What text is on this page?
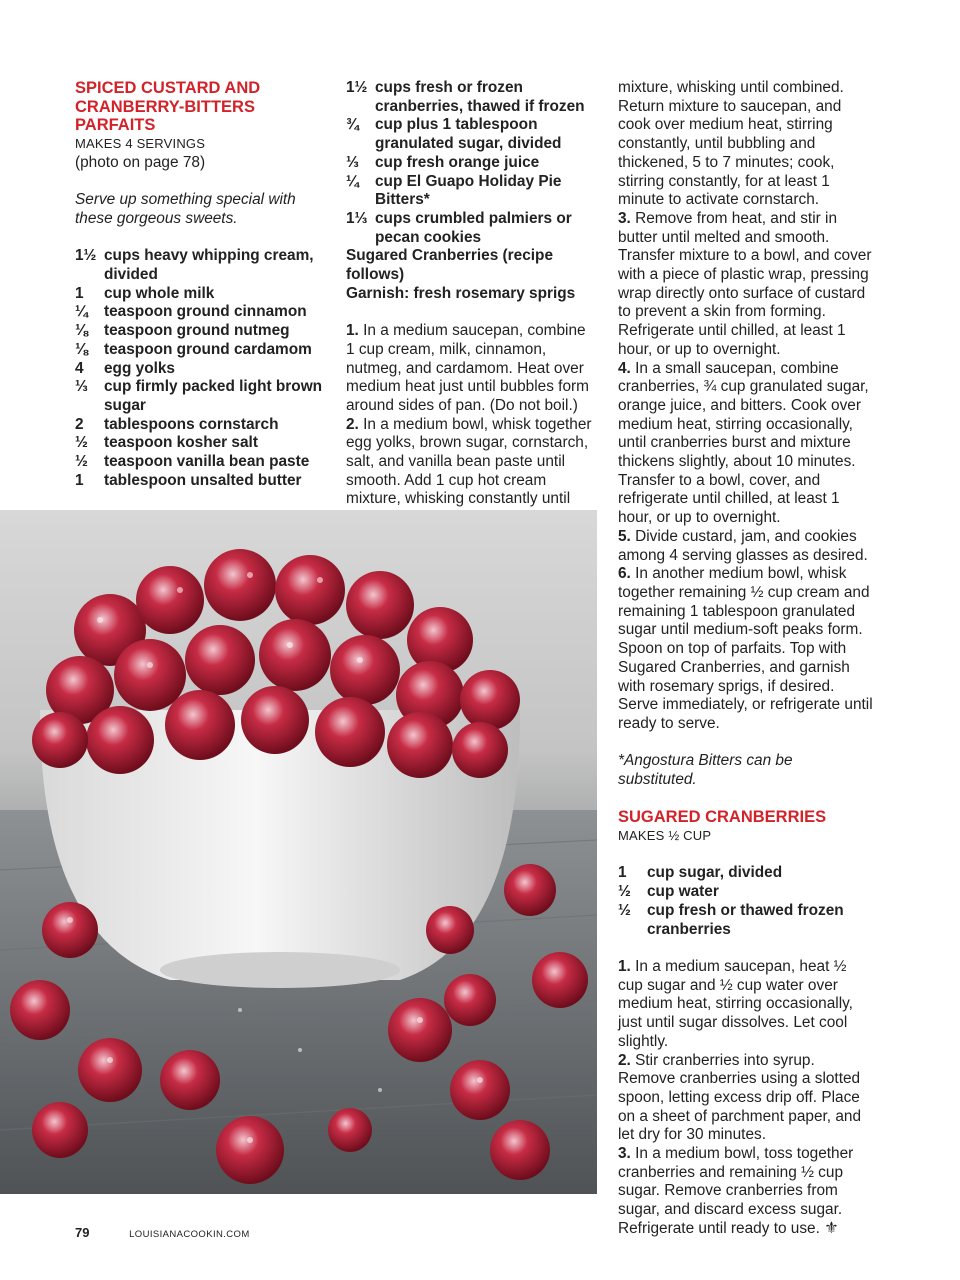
SPICED CUSTARD AND CRANBERRY-BITTERS PARFAITS
MAKES 4 SERVINGS
(photo on page 78)

Serve up something special with these gorgeous sweets.

1½ cups heavy whipping cream, divided
1	cup whole milk
¼	teaspoon ground cinnamon
⅛	teaspoon ground nutmeg
⅛	teaspoon ground cardamom
4	egg yolks
⅓	cup firmly packed light brown sugar
2	tablespoons cornstarch
½	teaspoon kosher salt
½	teaspoon vanilla bean paste
1	tablespoon unsalted butter
1½ cups fresh or frozen cranberries, thawed if frozen
¾	cup plus 1 tablespoon granulated sugar, divided
⅓	cup fresh orange juice
¼	cup El Guapo Holiday Pie Bitters*
1⅓ cups crumbled palmiers or pecan cookies
Sugared Cranberries (recipe follows)
Garnish: fresh rosemary sprigs

1. In a medium saucepan, combine 1 cup cream, milk, cinnamon, nutmeg, and cardamom. Heat over medium heat just until bubbles form around sides of pan. (Do not boil.)

2. In a medium bowl, whisk together egg yolks, brown sugar, cornstarch, salt, and vanilla bean paste until smooth. Add 1 cup hot cream mixture, whisking constantly until

mixture, whisking until combined. Return mixture to saucepan, and cook over medium heat, stirring constantly, until bubbling and thickened, 5 to 7 minutes; cook, stirring constantly, for at least 1 minute to activate cornstarch.

3. Remove from heat, and stir in butter until melted and smooth. Transfer mixture to a bowl, and cover with a piece of plastic wrap, pressing wrap directly onto surface of custard to prevent a skin from forming. Refrigerate until chilled, at least 1 hour, or up to overnight.

4. In a small saucepan, combine cranberries, ¾ cup granulated sugar, orange juice, and bitters. Cook over medium heat, stirring occasionally, until cranberries burst and mixture thickens slightly, about 10 minutes. Transfer to a bowl, cover, and refrigerate until chilled, at least 1 hour, or up to overnight.

5. Divide custard, jam, and cookies among 4 serving glasses as desired.

6. In another medium bowl, whisk together remaining ½ cup cream and remaining 1 tablespoon granulated sugar until medium-soft peaks form. Spoon on top of parfaits. Top with Sugared Cranberries, and garnish with rosemary sprigs, if desired. Serve immediately, or refrigerate until ready to serve.

*Angostura Bitters can be substituted.

SUGARED CRANBERRIES
MAKES ½ CUP
1	cup sugar, divided
½	cup water
½	cup fresh or thawed frozen cranberries

1. In a medium saucepan, heat ½ cup sugar and ½ cup water over medium heat, stirring occasionally, just until sugar dissolves. Let cool slightly.

2. Stir cranberries into syrup. Remove cranberries using a slotted spoon, letting excess drip off. Place on a sheet of parchment paper, and let dry for 30 minutes.

3. In a medium bowl, toss together cranberries and remaining ½ cup sugar. Remove cranberries from sugar, and discard excess sugar. Refrigerate until ready to use. ⚜

79	LOUISIANACOOKIN.COM
